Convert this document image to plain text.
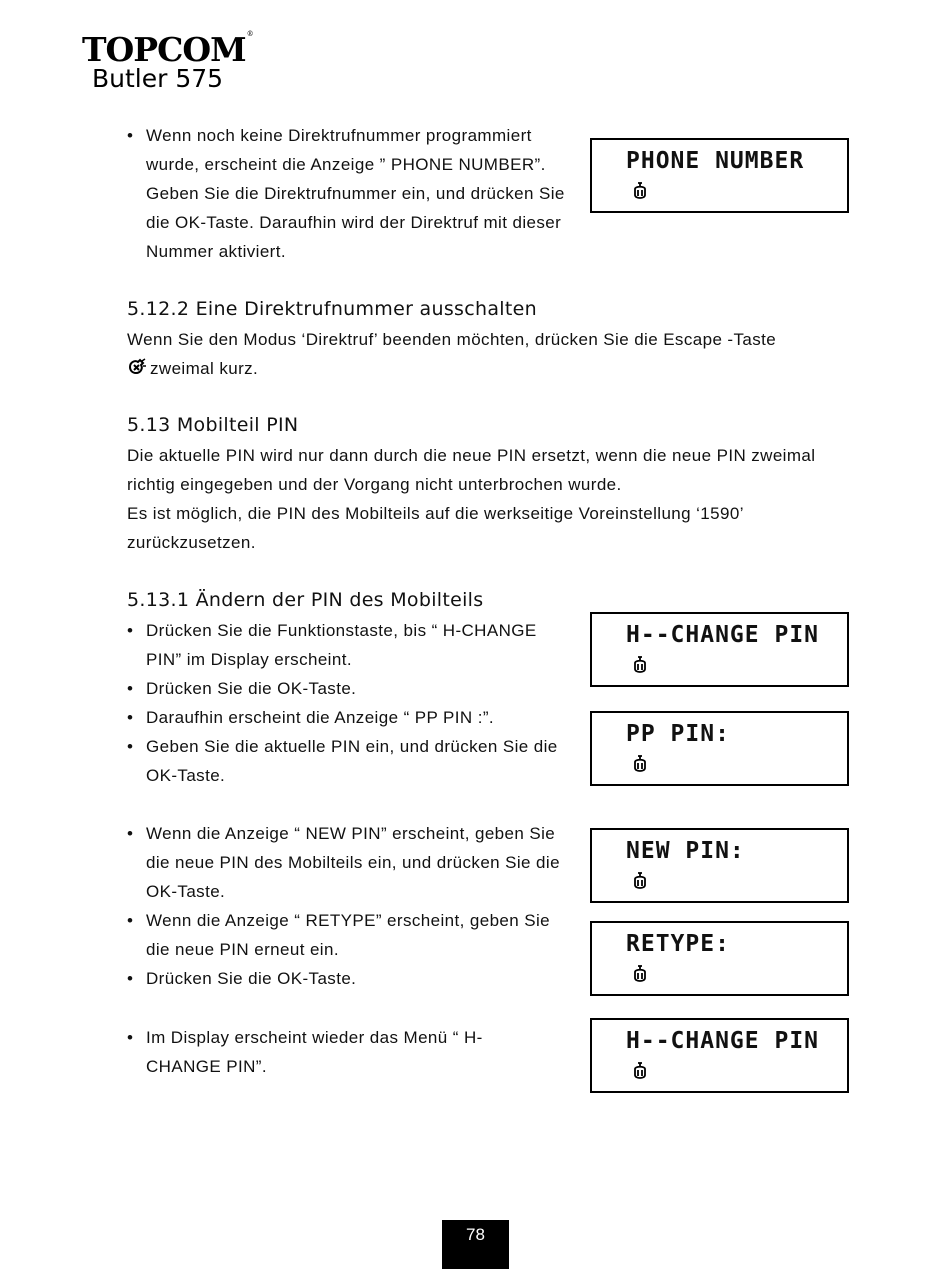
TOPCOM®
Butler 575
• Wenn noch keine Direktrufnummer programmiert wurde, erscheint die Anzeige ” PHONE NUMBER”. Geben Sie die Direktrufnummer ein, und drücken Sie die OK-Taste. Daraufhin wird der Direktruf mit dieser Nummer aktiviert.
5.12.2 Eine Direktrufnummer ausschalten
Wenn Sie den Modus ‘Direktruf’ beenden möchten, drücken Sie die Escape -Taste
zweimal kurz.
5.13 Mobilteil PIN
Die aktuelle PIN wird nur dann durch die neue PIN ersetzt, wenn die neue PIN zweimal richtig eingegeben und der Vorgang nicht unterbrochen wurde.
Es ist möglich, die PIN des Mobilteils auf die werkseitige Voreinstellung ‘1590’ zurückzusetzen.
5.13.1 Ändern der PIN des Mobilteils
• Drücken Sie die Funktionstaste, bis “ H-CHANGE PIN” im Display erscheint.
• Drücken Sie die OK-Taste.
• Daraufhin erscheint die Anzeige “ PP PIN :”.
• Geben Sie die aktuelle PIN ein, und drücken Sie die OK-Taste.
• Wenn die Anzeige “ NEW PIN” erscheint, geben Sie die neue PIN des Mobilteils ein, und drücken Sie die OK-Taste.
• Wenn die Anzeige “ RETYPE” erscheint, geben Sie die neue PIN erneut ein.
• Drücken Sie die OK-Taste.
• Im Display erscheint wieder das Menü “ H-CHANGE PIN”.
PHONE NUMBER
H--CHANGE PIN
PP PIN:
NEW PIN:
RETYPE:
H--CHANGE PIN
78
